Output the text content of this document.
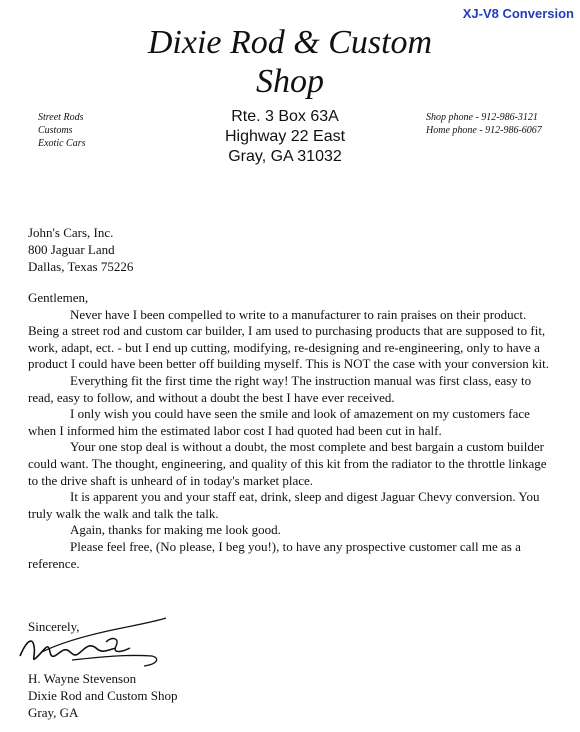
XJ-V8 Conversion
Dixie Rod & Custom
Shop
Street Rods
Customs
Exotic Cars
Rte. 3 Box 63A
Highway 22 East
Gray, GA 31032
Shop phone - 912-986-3121
Home phone - 912-986-6067
John's Cars, Inc.
800 Jaguar Land
Dallas, Texas 75226

Gentlemen,

Never have I been compelled to write to a manufacturer to rain praises on their product. Being a street rod and custom car builder, I am used to purchasing products that are supposed to fit, work, adapt, ect. - but I end up cutting, modifying, re-designing and re-engineering, only to have a product I could have been better off building myself. This is NOT the case with your conversion kit.

Everything fit the first time the right way! The instruction manual was first class, easy to read, easy to follow, and without a doubt the best I have ever received.

I only wish you could have seen the smile and look of amazement on my customers face when I informed him the estimated labor cost I had quoted had been cut in half.

Your one stop deal is without a doubt, the most complete and best bargain a custom builder could want. The thought, engineering, and quality of this kit from the radiator to the throttle linkage to the drive shaft is unheard of in today's market place.

It is apparent you and your staff eat, drink, sleep and digest Jaguar Chevy conversion. You truly walk the walk and talk the talk.

Again, thanks for making me look good.

Please feel free, (No please, I beg you!), to have any prospective customer call me as a reference.

Sincerely,
H. Wayne Stevenson
Dixie Rod and Custom Shop
Gray, GA
